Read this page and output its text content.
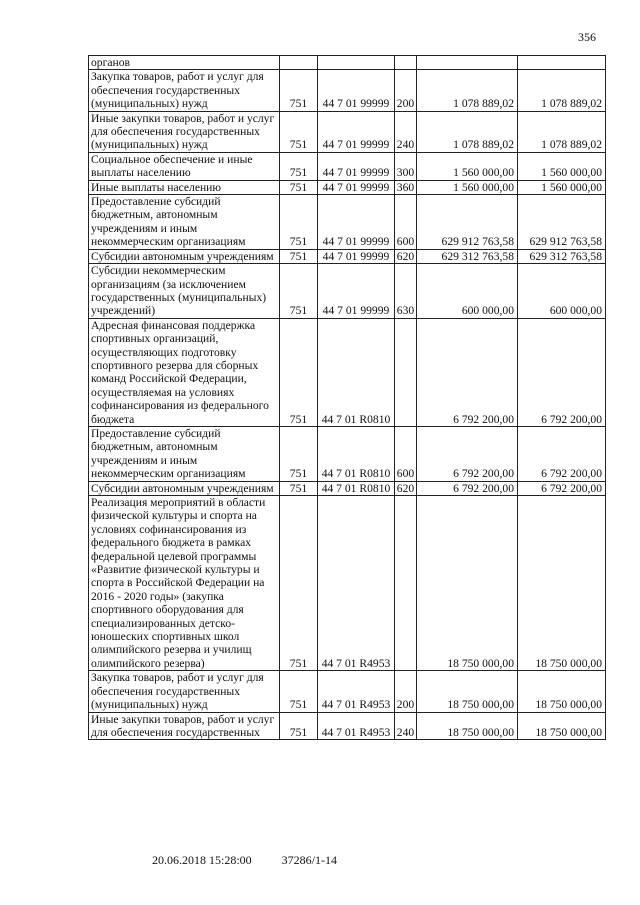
356
органов					
Закупка товаров, работ и услуг для обеспечения государственных (муниципальных) нужд	751	44 7 01 99999	200	1 078 889,02	1 078 889,02
Иные закупки товаров, работ и услуг для обеспечения государственных (муниципальных) нужд	751	44 7 01 99999	240	1 078 889,02	1 078 889,02
Социальное обеспечение и иные выплаты населению	751	44 7 01 99999	300	1 560 000,00	1 560 000,00
Иные выплаты населению	751	44 7 01 99999	360	1 560 000,00	1 560 000,00
Предоставление субсидий бюджетным, автономным учреждениям и иным некоммерческим организациям	751	44 7 01 99999	600	629 912 763,58	629 912 763,58
Субсидии автономным учреждениям	751	44 7 01 99999	620	629 312 763,58	629 312 763,58
Субсидии некоммерческим организациям (за исключением государственных (муниципальных) учреждений)	751	44 7 01 99999	630	600 000,00	600 000,00
Адресная финансовая поддержка спортивных организаций, осуществляющих подготовку спортивного резерва для сборных команд Российской Федерации, осуществляемая на условиях софинансирования из федерального бюджета	751	44 7 01 R0810		6 792 200,00	6 792 200,00
Предоставление субсидий бюджетным, автономным учреждениям и иным некоммерческим организациям	751	44 7 01 R0810	600	6 792 200,00	6 792 200,00
Субсидии автономным учреждениям	751	44 7 01 R0810	620	6 792 200,00	6 792 200,00
Реализация мероприятий в области физической культуры и спорта на условиях софинансирования из федерального бюджета в рамках федеральной целевой программы «Развитие физической культуры и спорта в Российской Федерации на 2016 - 2020 годы» (закупка спортивного оборудования для специализированных детско-юношеских спортивных школ олимпийского резерва и училищ олимпийского резерва)	751	44 7 01 R4953		18 750 000,00	18 750 000,00
Закупка товаров, работ и услуг для обеспечения государственных (муниципальных) нужд	751	44 7 01 R4953	200	18 750 000,00	18 750 000,00
Иные закупки товаров, работ и услуг для обеспечения государственных	751	44 7 01 R4953	240	18 750 000,00	18 750 000,00
20.06.2018 15:28:00	37286/1-14
